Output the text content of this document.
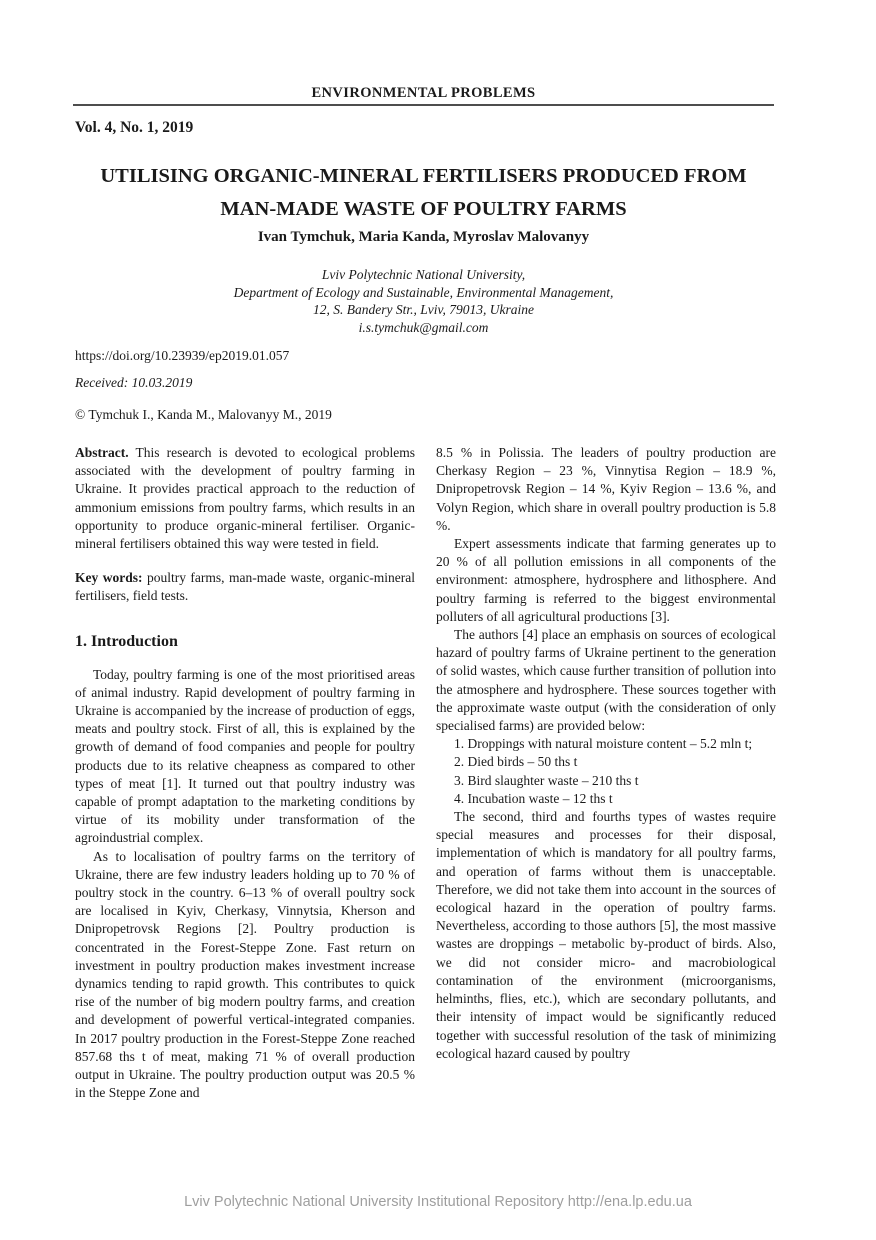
ENVIRONMENTAL PROBLEMS
Vol. 4, No. 1, 2019
UTILISING ORGANIC-MINERAL FERTILISERS PRODUCED FROM
MAN-MADE WASTE OF POULTRY FARMS
Ivan Tymchuk, Maria Kanda, Myroslav Malovanyy
Lviv Polytechnic National University,
Department of Ecology and Sustainable, Environmental Management,
12, S. Bandery Str., Lviv, 79013, Ukraine
i.s.tymchuk@gmail.com
https://doi.org/10.23939/ep2019.01.057
Received: 10.03.2019
© Tymchuk I., Kanda M., Malovanyy M., 2019

Abstract. This research is devoted to ecological problems associated with the development of poultry farming in Ukraine. It provides practical approach to the reduction of ammonium emissions from poultry farms, which results in an opportunity to produce organic-mineral fertiliser. Organic-mineral fertilisers obtained this way were tested in field.

Key words: poultry farms, man-made waste, organic-mineral fertilisers, field tests.

1. Introduction

Today, poultry farming is one of the most prioritised areas of animal industry. Rapid development of poultry farming in Ukraine is accompanied by the increase of production of eggs, meats and poultry stock. First of all, this is explained by the growth of demand of food companies and people for poultry products due to its relative cheapness as compared to other types of meat [1]. It turned out that poultry industry was capable of prompt adaptation to the marketing conditions by virtue of its mobility under transformation of the agroindustrial complex.

As to localisation of poultry farms on the territory of Ukraine, there are few industry leaders holding up to 70 % of poultry stock in the country. 6–13 % of overall poultry sock are localised in Kyiv, Cherkasy, Vinnytsia, Kherson and Dnipropetrovsk Regions [2]. Poultry production is concentrated in the Forest-Steppe Zone. Fast return on investment in poultry production makes investment increase dynamics tending to rapid growth. This contributes to quick rise of the number of big modern poultry farms, and creation and development of powerful vertical-integrated companies. In 2017 poultry production in the Forest-Steppe Zone reached 857.68 ths t of meat, making 71 % of overall production output in Ukraine. The poultry production output was 20.5 % in the Steppe Zone and

8.5 % in Polissia. The leaders of poultry production are Cherkasy Region – 23 %, Vinnytisa Region – 18.9 %, Dnipropetrovsk Region – 14 %, Kyiv Region – 13.6 %, and Volyn Region, which share in overall poultry production is 5.8 %.

Expert assessments indicate that farming generates up to 20 % of all pollution emissions in all components of the environment: atmosphere, hydrosphere and lithosphere. And poultry farming is referred to the biggest environmental polluters of all agricultural productions [3].

The authors [4] place an emphasis on sources of ecological hazard of poultry farms of Ukraine pertinent to the generation of solid wastes, which cause further transition of pollution into the atmosphere and hydrosphere. These sources together with the approximate waste output (with the consideration of only specialised farms) are provided below:

1. Droppings with natural moisture content – 5.2 mln t;

2. Died birds – 50 ths t

3. Bird slaughter waste – 210 ths t

4. Incubation waste – 12 ths t

The second, third and fourths types of wastes require special measures and processes for their disposal, implementation of which is mandatory for all poultry farms, and operation of farms without them is unacceptable. Therefore, we did not take them into account in the sources of ecological hazard in the operation of poultry farms. Nevertheless, according to those authors [5], the most massive wastes are droppings – metabolic by-product of birds. Also, we did not consider micro- and macrobiological contamination of the environment (microorganisms, helminths, flies, etc.), which are secondary pollutants, and their intensity of impact would be significantly reduced together with successful resolution of the task of minimizing ecological hazard caused by poultry

Lviv Polytechnic National University Institutional Repository http://ena.lp.edu.ua
